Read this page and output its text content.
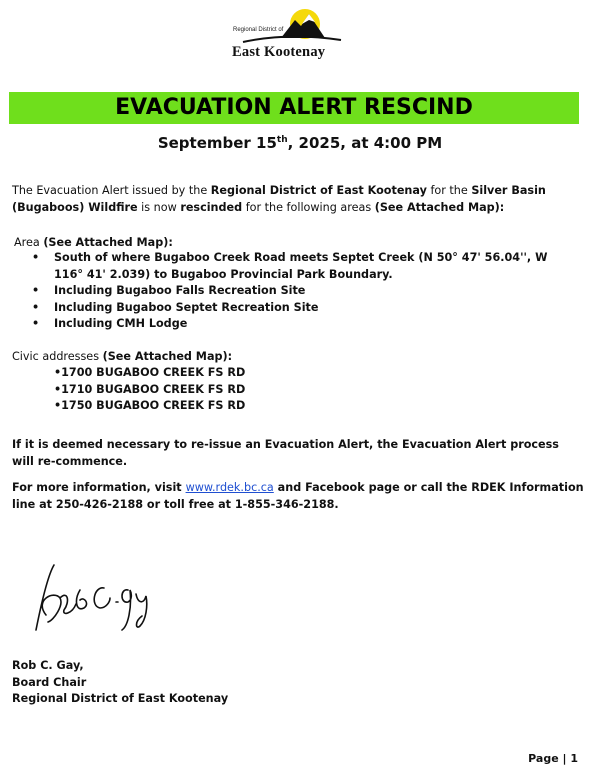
Regional District of
East Kootenay
EVACUATION ALERT RESCIND
September 15th, 2025, at 4:00 PM
The Evacuation Alert issued by the Regional District of East Kootenay for the Silver Basin (Bugaboos) Wildfire is now rescinded for the following areas (See Attached Map):
Area (See Attached Map):
• South of where Bugaboo Creek Road meets Septet Creek (N 50° 47' 56.04'', W 116° 41' 2.039) to Bugaboo Provincial Park Boundary.
• Including Bugaboo Falls Recreation Site
• Including Bugaboo Septet Recreation Site
• Including CMH Lodge
Civic addresses (See Attached Map):
•1700 BUGABOO CREEK FS RD
•1710 BUGABOO CREEK FS RD
•1750 BUGABOO CREEK FS RD
If it is deemed necessary to re-issue an Evacuation Alert, the Evacuation Alert process will re-commence.
For more information, visit www.rdek.bc.ca and Facebook page or call the RDEK Information line at 250-426-2188 or toll free at 1-855-346-2188.
Rob C. Gay,
Board Chair
Regional District of East Kootenay
Page | 1
